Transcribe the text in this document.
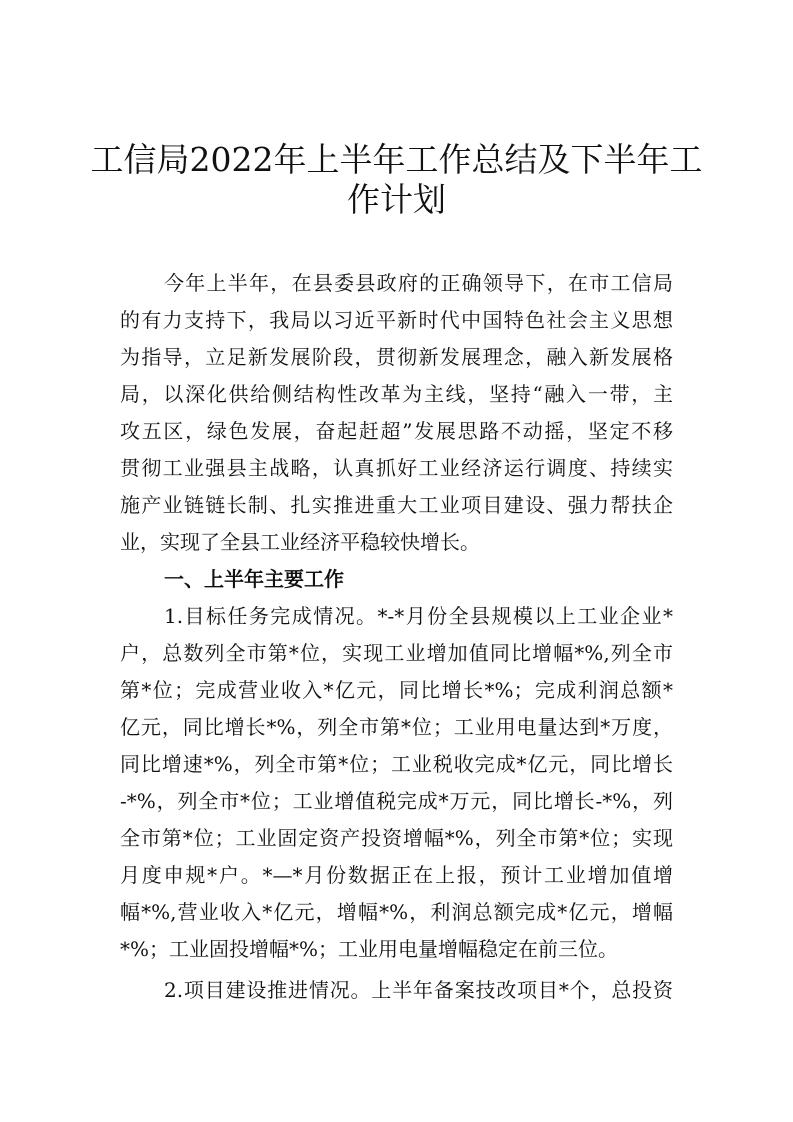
工信局2022年上半年工作总结及下半年工
作计划
今年上半年，在县委县政府的正确领导下，在市工信局
的有力支持下，我局以习近平新时代中国特色社会主义思想
为指导，立足新发展阶段，贯彻新发展理念，融入新发展格
局，以深化供给侧结构性改革为主线，坚持“融入一带，主
攻五区，绿色发展，奋起赶超”发展思路不动摇，坚定不移
贯彻工业强县主战略，认真抓好工业经济运行调度、持续实
施产业链链长制、扎实推进重大工业项目建设、强力帮扶企
业，实现了全县工业经济平稳较快增长。
一、上半年主要工作
1.目标任务完成情况。*-*月份全县规模以上工业企业*
户，总数列全市第*位，实现工业增加值同比增幅*%,列全市
第*位；完成营业收入*亿元，同比增长*%；完成利润总额*
亿元，同比增长*%，列全市第*位；工业用电量达到*万度，
同比增速*%，列全市第*位；工业税收完成*亿元，同比增长
-*%，列全市*位；工业增值税完成*万元，同比增长-*%，列
全市第*位；工业固定资产投资增幅*%，列全市第*位；实现
月度申规*户。*—*月份数据正在上报，预计工业增加值增
幅*%,营业收入*亿元，增幅*%，利润总额完成*亿元，增幅
*%；工业固投增幅*%；工业用电量增幅稳定在前三位。
2.项目建设推进情况。上半年备案技改项目*个，总投资
